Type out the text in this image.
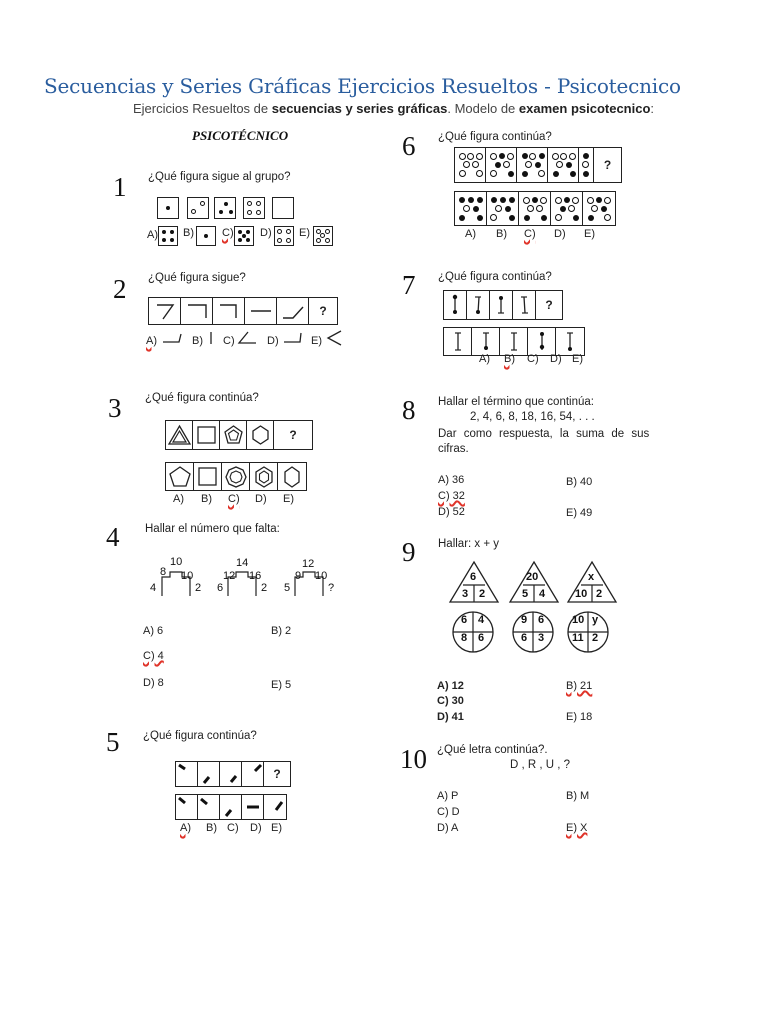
Secuencias y Series Gráficas Ejercicios Resueltos - Psicotecnico
Ejercicios Resueltos de secuencias y series gráficas. Modelo de examen psicotecnico:
PSICOTÉCNICO
1 ¿Qué figura sigue al grupo?
A) B)	C) D) E)
2 ¿Qué figura sigue?
?
A)	B) C)	D)	E)
3 ¿Qué figura continúa?
?
A) B) C) D) E)
4 Hallar el número que falta:
10
8 10
4	2
14
12 16
6	2
12
9 10
5	?
A) 6	B) 2
C) 4
D) 8	E) 5
5 ¿Qué figura continúa?
?
A) B) C) D) E)
6 ¿Qué figura continúa?
?
A) B) C) D) E)
7 ¿Qué figura continúa?
?
A) B) C) D) E)
8 Hallar el término que continúa:
2, 4, 6, 8, 18, 16, 54, . . .
Dar como respuesta, la suma de sus
cifras.
A) 36	B) 40
C) 32
D) 52	E) 49
9 Hallar: x + y
6
3 2
20
5 4
x
10 2
6 4
8 6
9 6
6 3
10 y
11 2
A) 12	B) 21
C) 30
D) 41	E) 18
10 ¿Qué letra continúa?.
D , R , U , ?
A) P	B) M
C) D
D) A	E) X
